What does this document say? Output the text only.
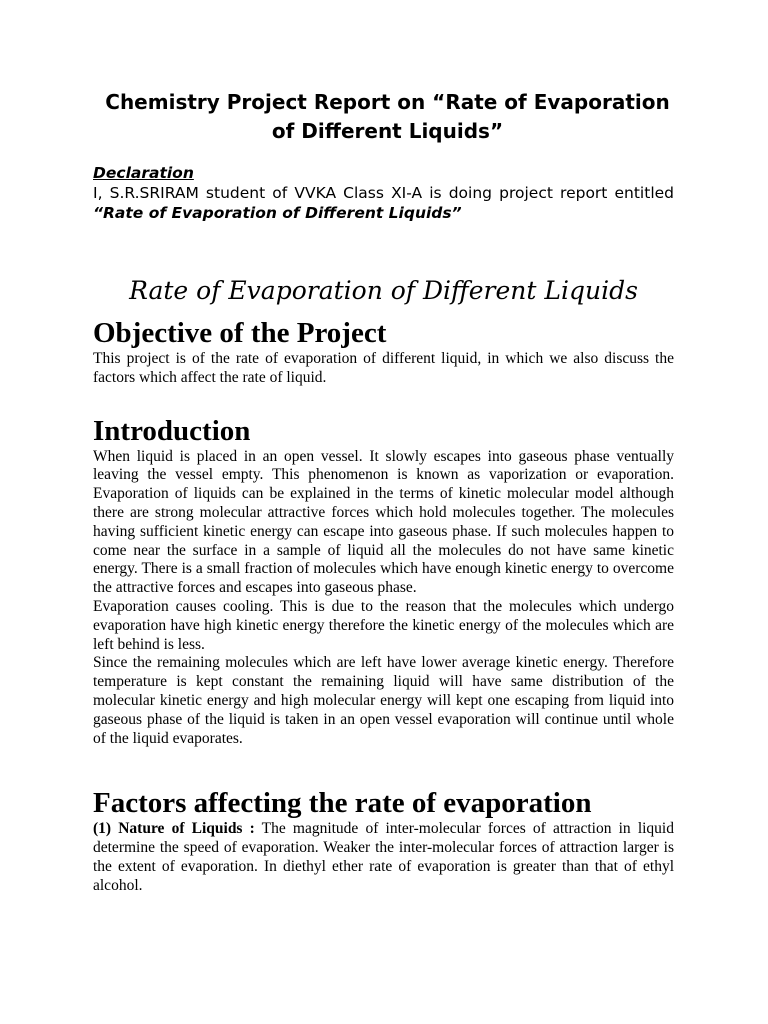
Chemistry Project Report on “Rate of Evaporation of Different Liquids”
Declaration
I, S.R.SRIRAM student of VVKA Class XI-A is doing project report entitled “Rate of Evaporation of Different Liquids”
Rate of Evaporation of Different Liquids
Objective of the Project

This project is of the rate of evaporation of different liquid, in which we also discuss the factors which affect the rate of liquid.

Introduction

When liquid is placed in an open vessel. It slowly escapes into gaseous phase ventually leaving the vessel empty. This phenomenon is known as vaporization or evaporation. Evaporation of liquids can be explained in the terms of kinetic molecular model although there are strong molecular attractive forces which hold molecules together. The molecules having sufficient kinetic energy can escape into gaseous phase. If such molecules happen to come near the surface in a sample of liquid all the molecules do not have same kinetic energy. There is a small fraction of molecules which have enough kinetic energy to overcome the attractive forces and escapes into gaseous phase.

Evaporation causes cooling. This is due to the reason that the molecules which undergo evaporation have high kinetic energy therefore the kinetic energy of the molecules which are left behind is less.

Since the remaining molecules which are left have lower average kinetic energy. Therefore temperature is kept constant the remaining liquid will have same distribution of the molecular kinetic energy and high molecular energy will kept one escaping from liquid into gaseous phase of the liquid is taken in an open vessel evaporation will continue until whole of the liquid evaporates.

Factors affecting the rate of evaporation

(1) Nature of Liquids : The magnitude of inter-molecular forces of attraction in liquid determine the speed of evaporation. Weaker the inter-molecular forces of attraction larger is the extent of evaporation. In diethyl ether rate of evaporation is greater than that of ethyl alcohol.
